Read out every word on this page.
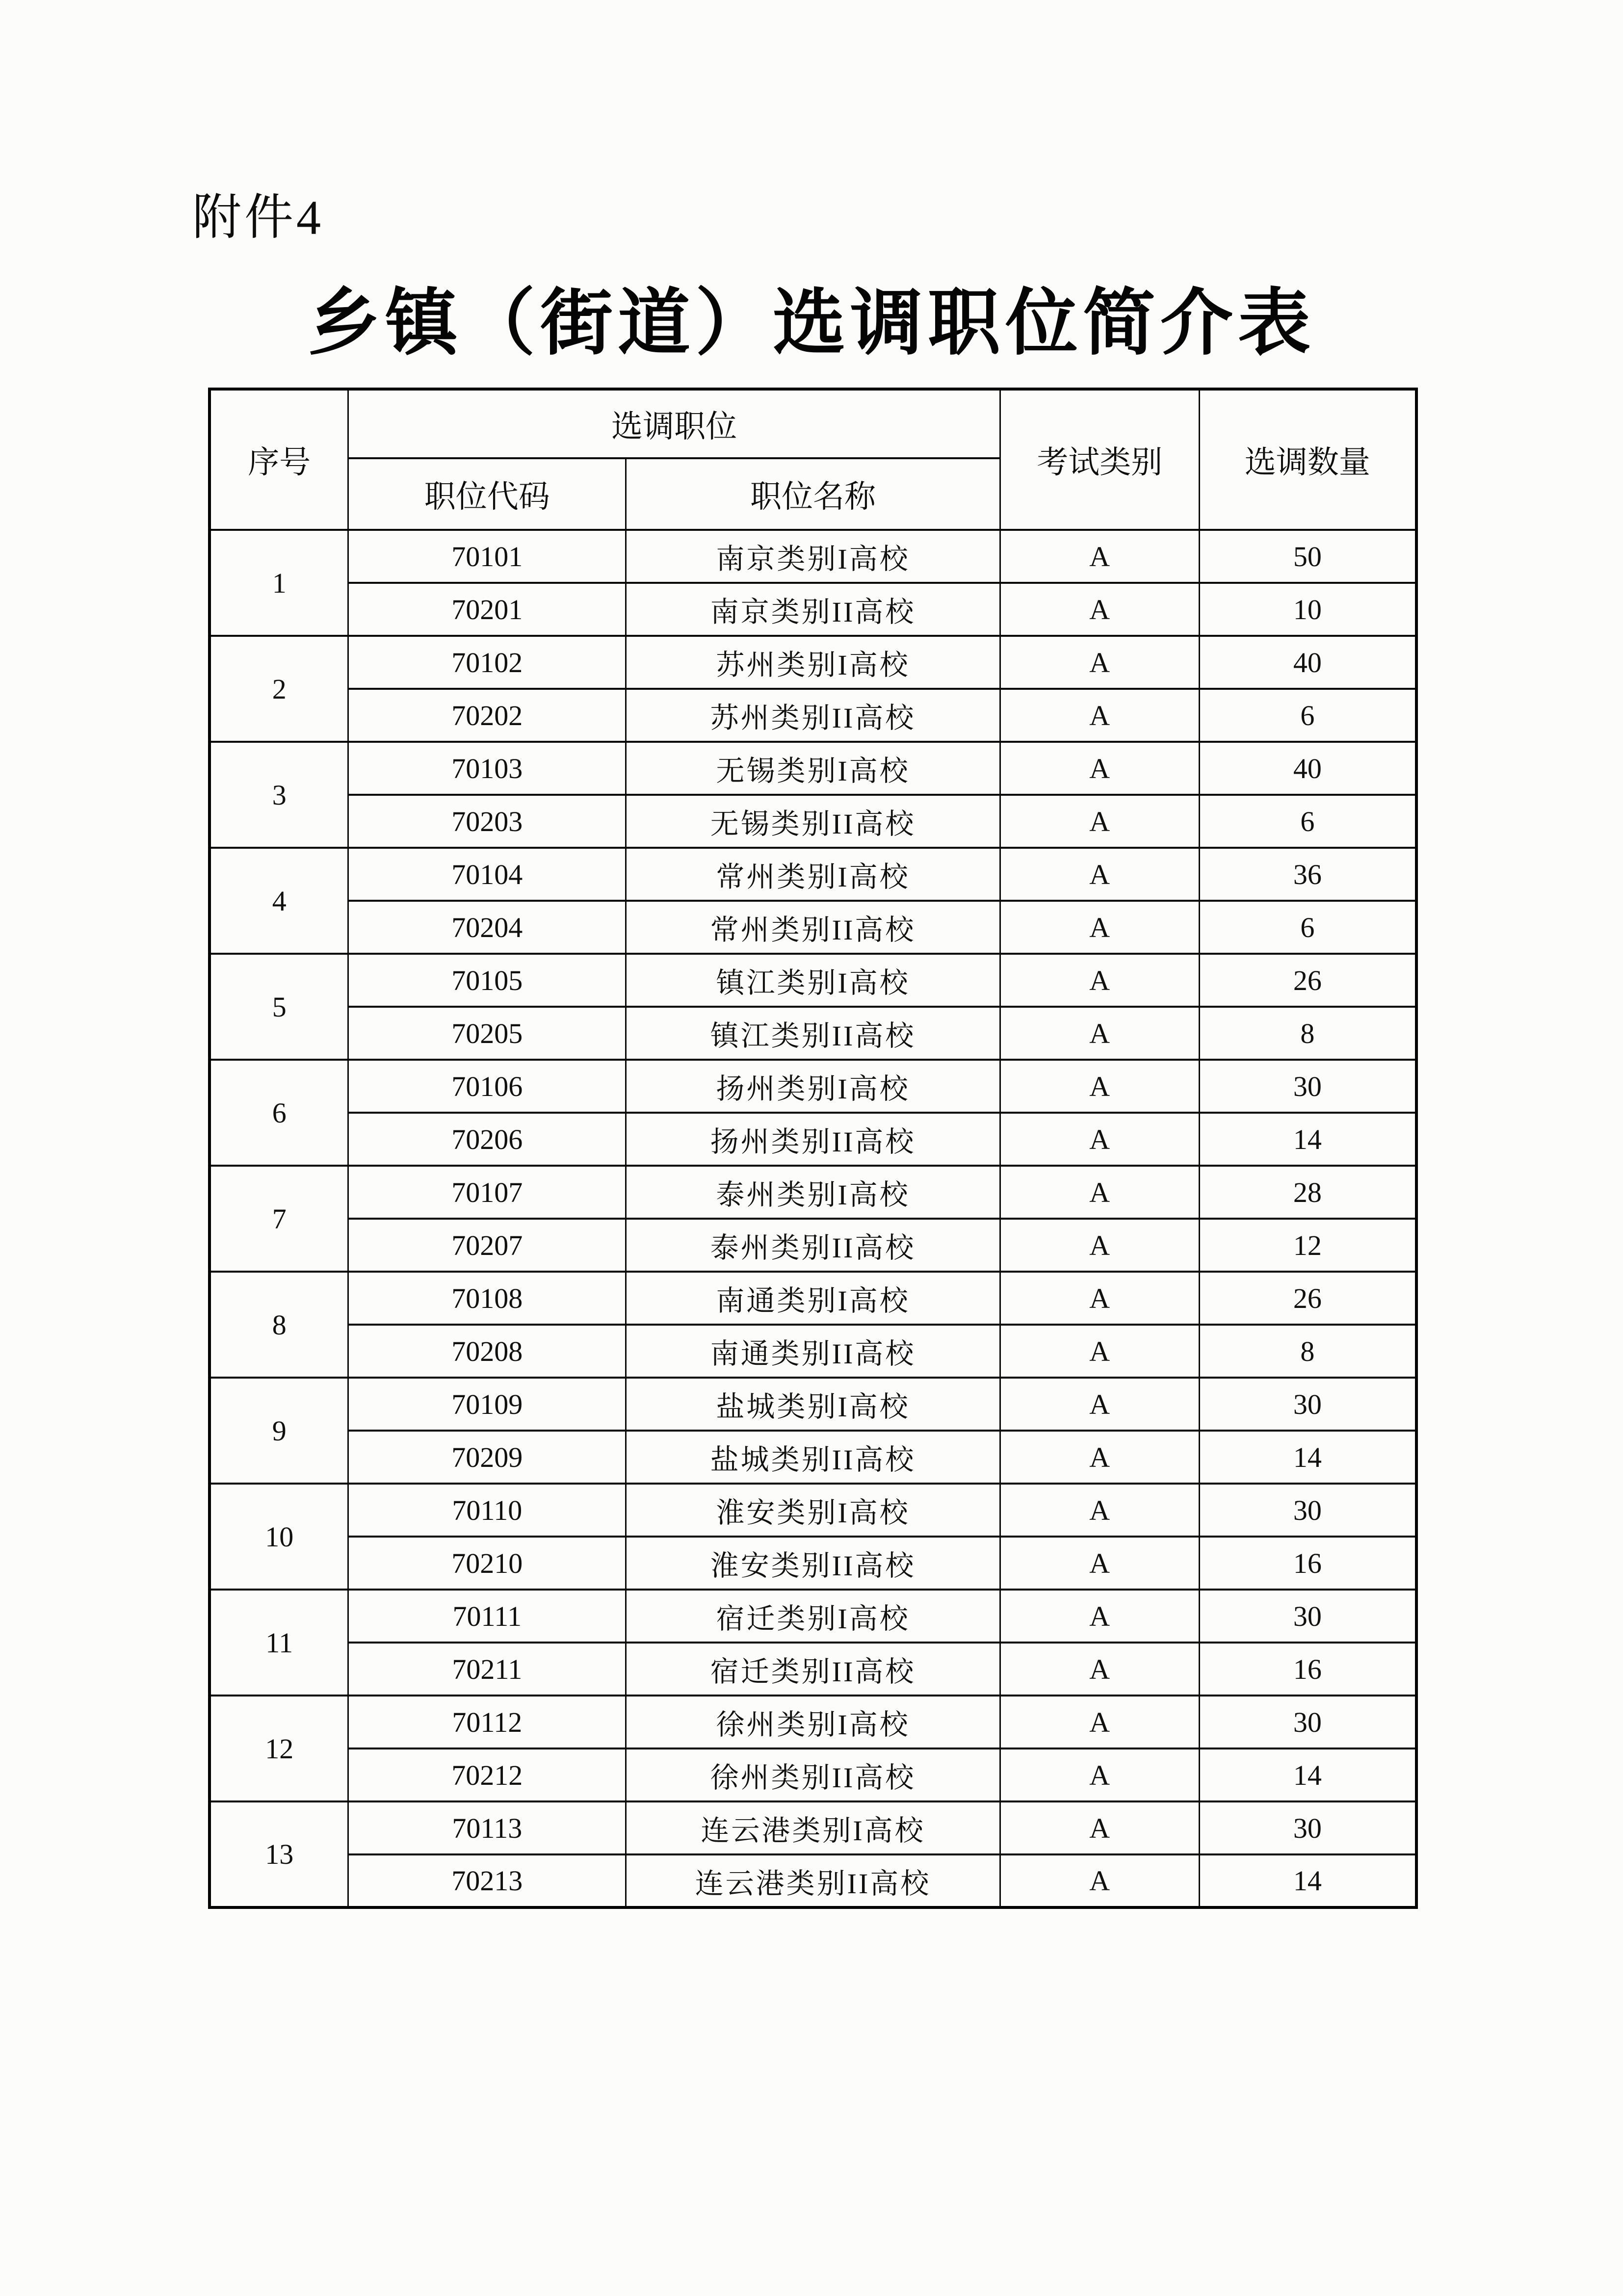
附件4
乡镇（街道）选调职位简介表
序号	选调职位		考试类别	选调数量
	职位代码	职位名称		
1	70101	南京类别I高校	A	50
	70201	南京类别II高校	A	10
2	70102	苏州类别I高校	A	40
	70202	苏州类别II高校	A	6
3	70103	无锡类别I高校	A	40
	70203	无锡类别II高校	A	6
4	70104	常州类别I高校	A	36
	70204	常州类别II高校	A	6
5	70105	镇江类别I高校	A	26
	70205	镇江类别II高校	A	8
6	70106	扬州类别I高校	A	30
	70206	扬州类别II高校	A	14
7	70107	泰州类别I高校	A	28
	70207	泰州类别II高校	A	12
8	70108	南通类别I高校	A	26
	70208	南通类别II高校	A	8
9	70109	盐城类别I高校	A	30
	70209	盐城类别II高校	A	14
10	70110	淮安类别I高校	A	30
	70210	淮安类别II高校	A	16
11	70111	宿迁类别I高校	A	30
	70211	宿迁类别II高校	A	16
12	70112	徐州类别I高校	A	30
	70212	徐州类别II高校	A	14
13	70113	连云港类别I高校	A	30
	70213	连云港类别II高校	A	14
